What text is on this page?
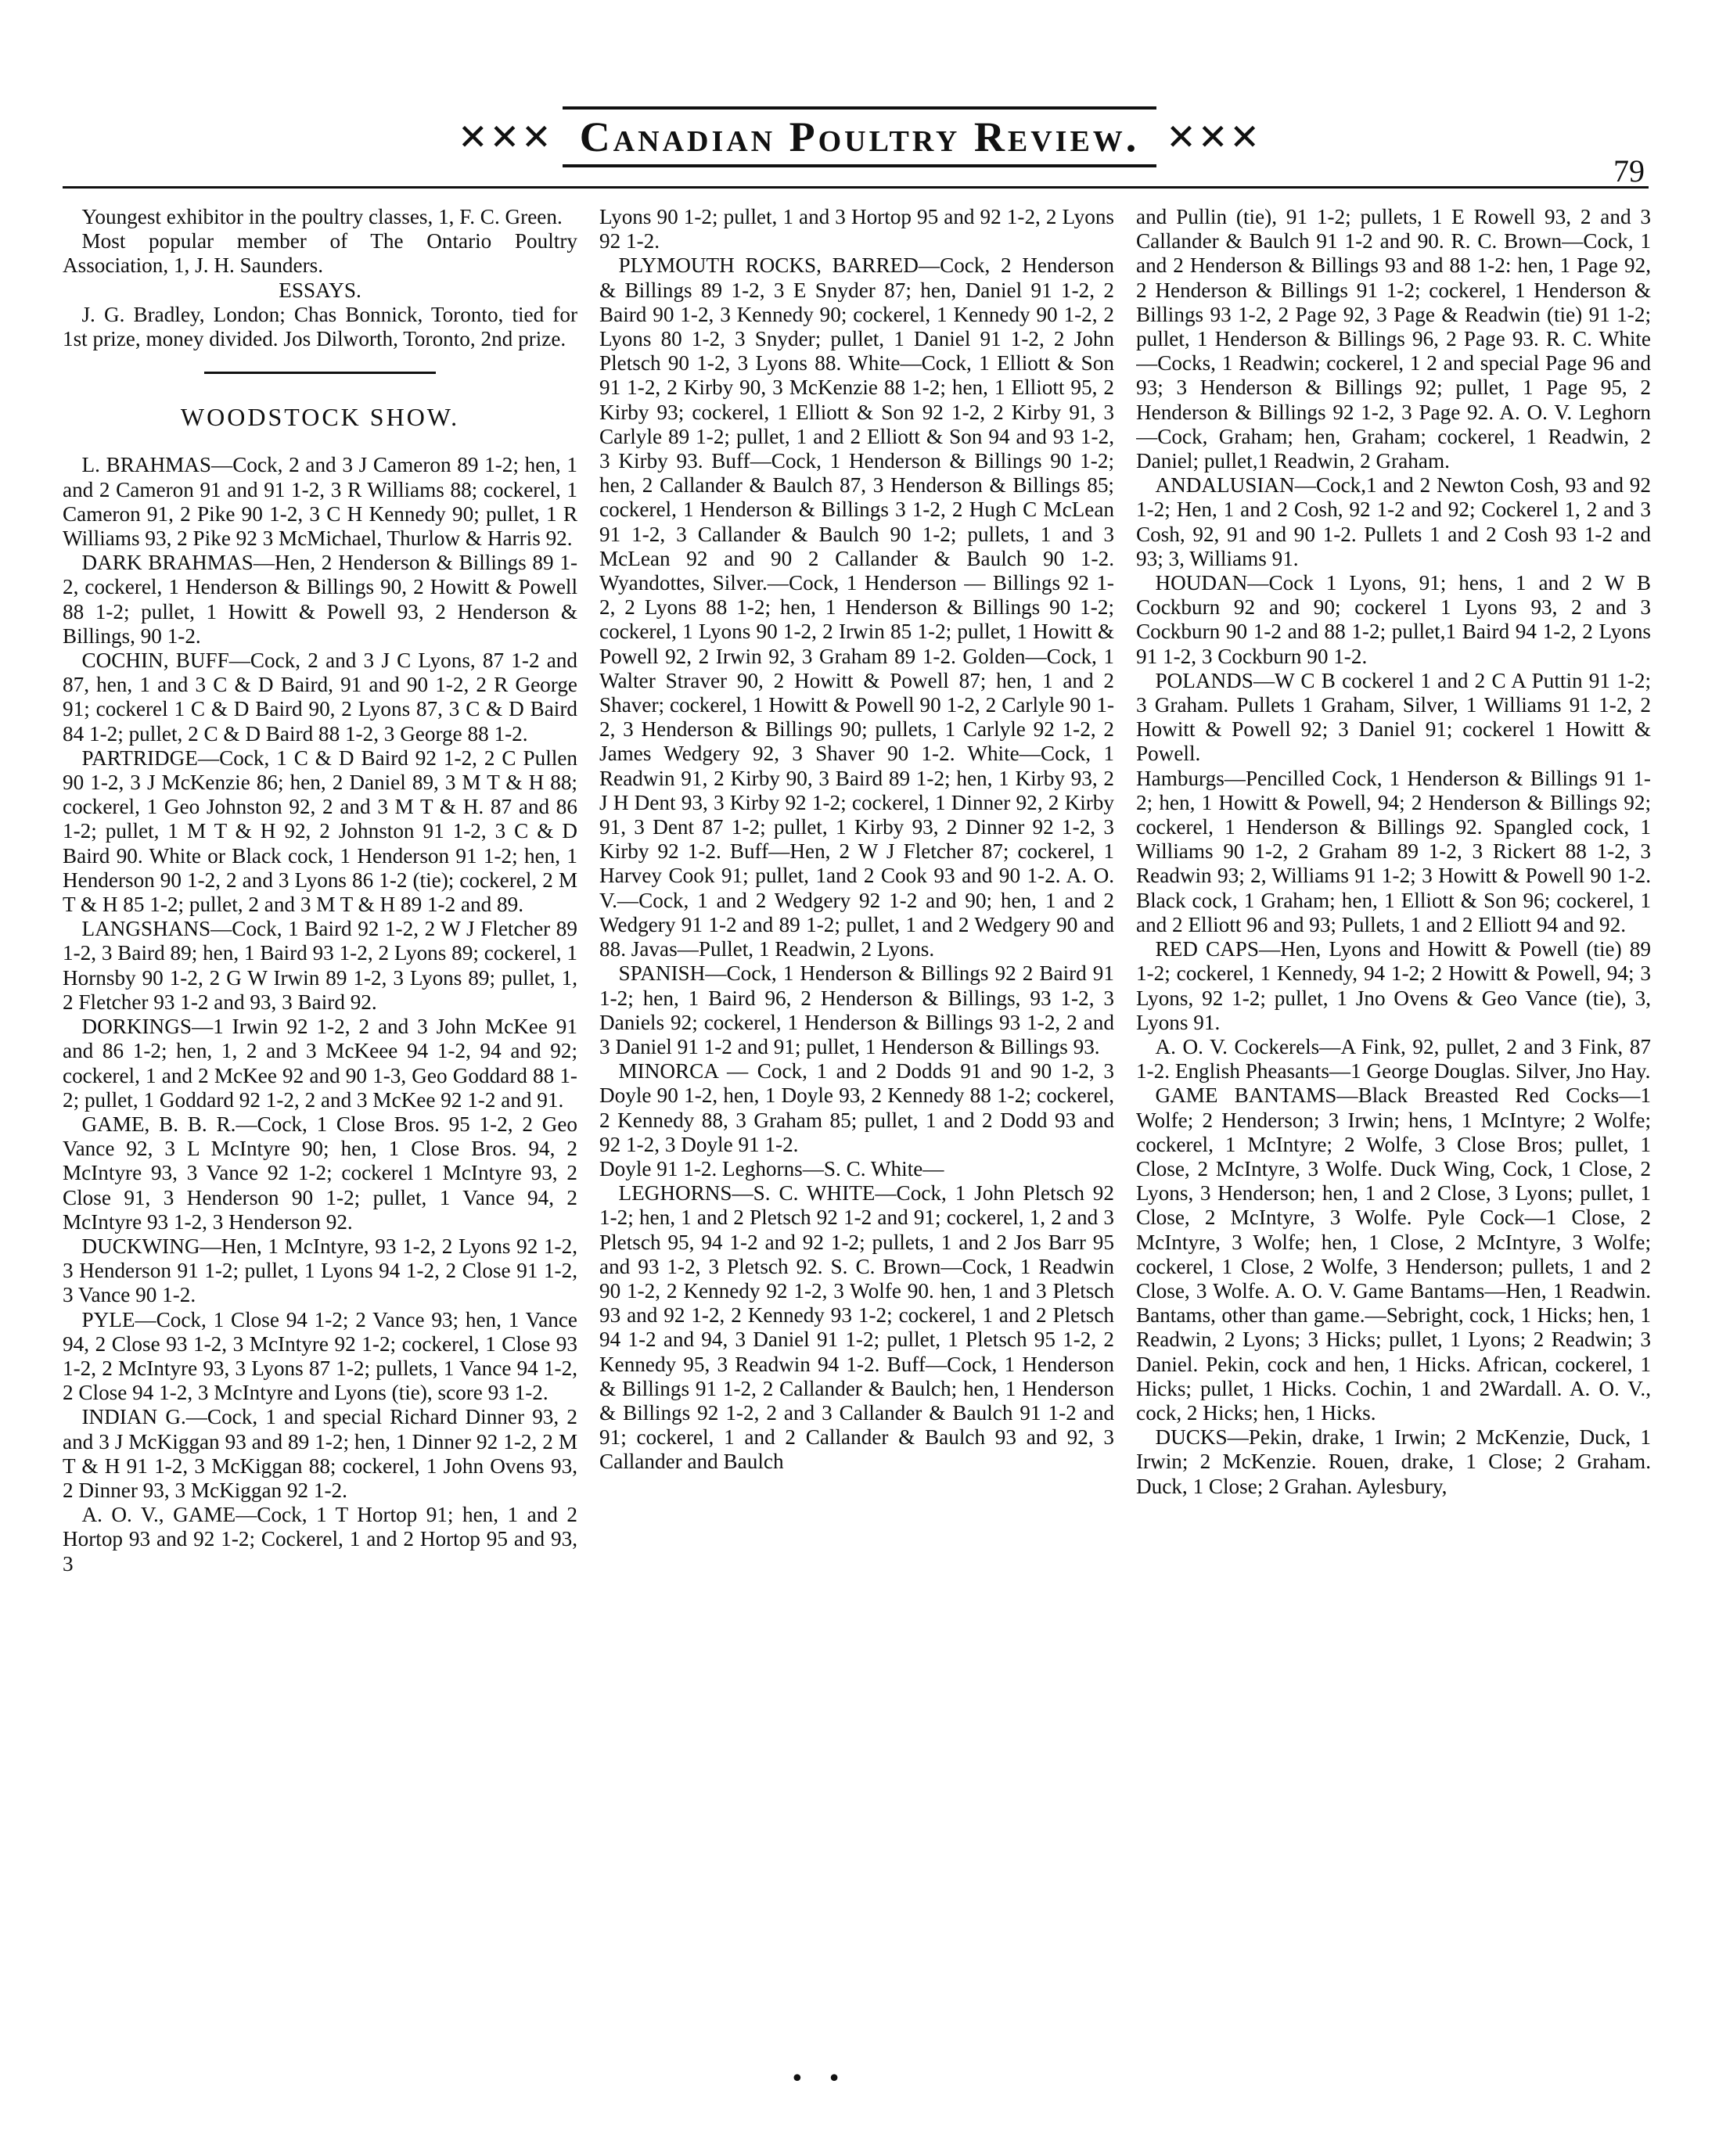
✕✕✕ Canadian Poultry Review. ✕✕✕
79

Youngest exhibitor in the poultry classes, 1, F. C. Green.

Most popular member of The Ontario Poultry Association, 1, J. H. Saunders.

ESSAYS.

J. G. Bradley, London; Chas Bonnick, Toronto, tied for 1st prize, money divided. Jos Dilworth, Toronto, 2nd prize.

WOODSTOCK SHOW.

L. BRAHMAS—Cock, 2 and 3 J Cameron 89 1-2; hen, 1 and 2 Cameron 91 and 91 1-2, 3 R Williams 88; cockerel, 1 Cameron 91, 2 Pike 90 1-2, 3 C H Kennedy 90; pullet, 1 R Williams 93, 2 Pike 92 3 McMichael, Thurlow & Harris 92.

DARK BRAHMAS—Hen, 2 Henderson & Billings 89 1-2, cockerel, 1 Henderson & Billings 90, 2 Howitt & Powell 88 1-2; pullet, 1 Howitt & Powell 93, 2 Henderson & Billings, 90 1-2.

COCHIN, BUFF—Cock, 2 and 3 J C Lyons, 87 1-2 and 87, hen, 1 and 3 C & D Baird, 91 and 90 1-2, 2 R George 91; cockerel 1 C & D Baird 90, 2 Lyons 87, 3 C & D Baird 84 1-2; pullet, 2 C & D Baird 88 1-2, 3 George 88 1-2.

PARTRIDGE—Cock, 1 C & D Baird 92 1-2, 2 C Pullen 90 1-2, 3 J McKenzie 86; hen, 2 Daniel 89, 3 M T & H 88; cockerel, 1 Geo Johnston 92, 2 and 3 M T & H. 87 and 86 1-2; pullet, 1 M T & H 92, 2 Johnston 91 1-2, 3 C & D Baird 90. White or Black cock, 1 Henderson 91 1-2; hen, 1 Henderson 90 1-2, 2 and 3 Lyons 86 1-2 (tie); cockerel, 2 M T & H 85 1-2; pullet, 2 and 3 M T & H 89 1-2 and 89.

LANGSHANS—Cock, 1 Baird 92 1-2, 2 W J Fletcher 89 1-2, 3 Baird 89; hen, 1 Baird 93 1-2, 2 Lyons 89; cockerel, 1 Hornsby 90 1-2, 2 G W Irwin 89 1-2, 3 Lyons 89; pullet, 1, 2 Fletcher 93 1-2 and 93, 3 Baird 92.

DORKINGS—1 Irwin 92 1-2, 2 and 3 John McKee 91 and 86 1-2; hen, 1, 2 and 3 McKeee 94 1-2, 94 and 92; cockerel, 1 and 2 McKee 92 and 90 1-3, Geo Goddard 88 1-2; pullet, 1 Goddard 92 1-2, 2 and 3 McKee 92 1-2 and 91.

GAME, B. B. R.—Cock, 1 Close Bros. 95 1-2, 2 Geo Vance 92, 3 L McIntyre 90; hen, 1 Close Bros. 94, 2 McIntyre 93, 3 Vance 92 1-2; cockerel 1 McIntyre 93, 2 Close 91, 3 Henderson 90 1-2; pullet, 1 Vance 94, 2 McIntyre 93 1-2, 3 Henderson 92.

DUCKWING—Hen, 1 McIntyre, 93 1-2, 2 Lyons 92 1-2, 3 Henderson 91 1-2; pullet, 1 Lyons 94 1-2, 2 Close 91 1-2, 3 Vance 90 1-2.

PYLE—Cock, 1 Close 94 1-2; 2 Vance 93; hen, 1 Vance 94, 2 Close 93 1-2, 3 McIntyre 92 1-2; cockerel, 1 Close 93 1-2, 2 McIntyre 93, 3 Lyons 87 1-2; pullets, 1 Vance 94 1-2, 2 Close 94 1-2, 3 McIntyre and Lyons (tie), score 93 1-2.

INDIAN G.—Cock, 1 and special Richard Dinner 93, 2 and 3 J McKiggan 93 and 89 1-2; hen, 1 Dinner 92 1-2, 2 M T & H 91 1-2, 3 McKiggan 88; cockerel, 1 John Ovens 93, 2 Dinner 93, 3 McKiggan 92 1-2.

A. O. V., GAME—Cock, 1 T Hortop 91; hen, 1 and 2 Hortop 93 and 92 1-2; Cockerel, 1 and 2 Hortop 95 and 93, 3

Lyons 90 1-2; pullet, 1 and 3 Hortop 95 and 92 1-2, 2 Lyons 92 1-2.

PLYMOUTH ROCKS, BARRED—Cock, 2 Henderson & Billings 89 1-2, 3 E Snyder 87; hen, Daniel 91 1-2, 2 Baird 90 1-2, 3 Kennedy 90; cockerel, 1 Kennedy 90 1-2, 2 Lyons 80 1-2, 3 Snyder; pullet, 1 Daniel 91 1-2, 2 John Pletsch 90 1-2, 3 Lyons 88. White—Cock, 1 Elliott & Son 91 1-2, 2 Kirby 90, 3 McKenzie 88 1-2; hen, 1 Elliott 95, 2 Kirby 93; cockerel, 1 Elliott & Son 92 1-2, 2 Kirby 91, 3 Carlyle 89 1-2; pullet, 1 and 2 Elliott & Son 94 and 93 1-2, 3 Kirby 93. Buff—Cock, 1 Henderson & Billings 90 1-2; hen, 2 Callander & Baulch 87, 3 Henderson & Billings 85; cockerel, 1 Henderson & Billings 3 1-2, 2 Hugh C McLean 91 1-2, 3 Callander & Baulch 90 1-2; pullets, 1 and 3 McLean 92 and 90 2 Callander & Baulch 90 1-2. Wyandottes, Silver.—Cock, 1 Henderson — Billings 92 1-2, 2 Lyons 88 1-2; hen, 1 Henderson & Billings 90 1-2; cockerel, 1 Lyons 90 1-2, 2 Irwin 85 1-2; pullet, 1 Howitt & Powell 92, 2 Irwin 92, 3 Graham 89 1-2. Golden—Cock, 1 Walter Straver 90, 2 Howitt & Powell 87; hen, 1 and 2 Shaver; cockerel, 1 Howitt & Powell 90 1-2, 2 Carlyle 90 1-2, 3 Henderson & Billings 90; pullets, 1 Carlyle 92 1-2, 2 James Wedgery 92, 3 Shaver 90 1-2. White—Cock, 1 Readwin 91, 2 Kirby 90, 3 Baird 89 1-2; hen, 1 Kirby 93, 2 J H Dent 93, 3 Kirby 92 1-2; cockerel, 1 Dinner 92, 2 Kirby 91, 3 Dent 87 1-2; pullet, 1 Kirby 93, 2 Dinner 92 1-2, 3 Kirby 92 1-2. Buff—Hen, 2 W J Fletcher 87; cockerel, 1 Harvey Cook 91; pullet, 1and 2 Cook 93 and 90 1-2. A. O. V.—Cock, 1 and 2 Wedgery 92 1-2 and 90; hen, 1 and 2 Wedgery 91 1-2 and 89 1-2; pullet, 1 and 2 Wedgery 90 and 88. Javas—Pullet, 1 Readwin, 2 Lyons.

SPANISH—Cock, 1 Henderson & Billings 92 2 Baird 91 1-2; hen, 1 Baird 96, 2 Henderson & Billings, 93 1-2, 3 Daniels 92; cockerel, 1 Henderson & Billings 93 1-2, 2 and 3 Daniel 91 1-2 and 91; pullet, 1 Henderson & Billings 93.

MINORCA — Cock, 1 and 2 Dodds 91 and 90 1-2, 3 Doyle 90 1-2, hen, 1 Doyle 93, 2 Kennedy 88 1-2; cockerel, 2 Kennedy 88, 3 Graham 85; pullet, 1 and 2 Dodd 93 and 92 1-2, 3 Doyle 91 1-2.

Doyle 91 1-2. Leghorns—S. C. White—

LEGHORNS—S. C. WHITE—Cock, 1 John Pletsch 92 1-2; hen, 1 and 2 Pletsch 92 1-2 and 91; cockerel, 1, 2 and 3 Pletsch 95, 94 1-2 and 92 1-2; pullets, 1 and 2 Jos Barr 95 and 93 1-2, 3 Pletsch 92. S. C. Brown—Cock, 1 Readwin 90 1-2, 2 Kennedy 92 1-2, 3 Wolfe 90. hen, 1 and 3 Pletsch 93 and 92 1-2, 2 Kennedy 93 1-2; cockerel, 1 and 2 Pletsch 94 1-2 and 94, 3 Daniel 91 1-2; pullet, 1 Pletsch 95 1-2, 2 Kennedy 95, 3 Readwin 94 1-2. Buff—Cock, 1 Henderson & Billings 91 1-2, 2 Callander & Baulch; hen, 1 Henderson & Billings 92 1-2, 2 and 3 Callander & Baulch 91 1-2 and 91; cockerel, 1 and 2 Callander & Baulch 93 and 92, 3 Callander and Baulch

and Pullin (tie), 91 1-2; pullets, 1 E Rowell 93, 2 and 3 Callander & Baulch 91 1-2 and 90. R. C. Brown—Cock, 1 and 2 Henderson & Billings 93 and 88 1-2: hen, 1 Page 92, 2 Henderson & Billings 91 1-2; cockerel, 1 Henderson & Billings 93 1-2, 2 Page 92, 3 Page & Readwin (tie) 91 1-2; pullet, 1 Henderson & Billings 96, 2 Page 93. R. C. White—Cocks, 1 Readwin; cockerel, 1 2 and special Page 96 and 93; 3 Henderson & Billings 92; pullet, 1 Page 95, 2 Henderson & Billings 92 1-2, 3 Page 92. A. O. V. Leghorn—Cock, Graham; hen, Graham; cockerel, 1 Readwin, 2 Daniel; pullet,1 Readwin, 2 Graham.

ANDALUSIAN—Cock,1 and 2 Newton Cosh, 93 and 92 1-2; Hen, 1 and 2 Cosh, 92 1-2 and 92; Cockerel 1, 2 and 3 Cosh, 92, 91 and 90 1-2. Pullets 1 and 2 Cosh 93 1-2 and 93; 3, Williams 91.

HOUDAN—Cock 1 Lyons, 91; hens, 1 and 2 W B Cockburn 92 and 90; cockerel 1 Lyons 93, 2 and 3 Cockburn 90 1-2 and 88 1-2; pullet,1 Baird 94 1-2, 2 Lyons 91 1-2, 3 Cockburn 90 1-2.

POLANDS—W C B cockerel 1 and 2 C A Puttin 91 1-2; 3 Graham. Pullets 1 Graham, Silver, 1 Williams 91 1-2, 2 Howitt & Powell 92; 3 Daniel 91; cockerel 1 Howitt & Powell.

Hamburgs—Pencilled Cock, 1 Henderson & Billings 91 1-2; hen, 1 Howitt & Powell, 94; 2 Henderson & Billings 92; cockerel, 1 Henderson & Billings 92. Spangled cock, 1 Williams 90 1-2, 2 Graham 89 1-2, 3 Rickert 88 1-2, 3 Readwin 93; 2, Williams 91 1-2; 3 Howitt & Powell 90 1-2. Black cock, 1 Graham; hen, 1 Elliott & Son 96; cockerel, 1 and 2 Elliott 96 and 93; Pullets, 1 and 2 Elliott 94 and 92.

RED CAPS—Hen, Lyons and Howitt & Powell (tie) 89 1-2; cockerel, 1 Kennedy, 94 1-2; 2 Howitt & Powell, 94; 3 Lyons, 92 1-2; pullet, 1 Jno Ovens & Geo Vance (tie), 3, Lyons 91.

A. O. V. Cockerels—A Fink, 92, pullet, 2 and 3 Fink, 87 1-2. English Pheasants—1 George Douglas. Silver, Jno Hay.

GAME BANTAMS—Black Breasted Red Cocks—1 Wolfe; 2 Henderson; 3 Irwin; hens, 1 McIntyre; 2 Wolfe; cockerel, 1 McIntyre; 2 Wolfe, 3 Close Bros; pullet, 1 Close, 2 McIntyre, 3 Wolfe. Duck Wing, Cock, 1 Close, 2 Lyons, 3 Henderson; hen, 1 and 2 Close, 3 Lyons; pullet, 1 Close, 2 McIntyre, 3 Wolfe. Pyle Cock—1 Close, 2 McIntyre, 3 Wolfe; hen, 1 Close, 2 McIntyre, 3 Wolfe; cockerel, 1 Close, 2 Wolfe, 3 Henderson; pullets, 1 and 2 Close, 3 Wolfe. A. O. V. Game Bantams—Hen, 1 Readwin. Bantams, other than game.—Sebright, cock, 1 Hicks; hen, 1 Readwin, 2 Lyons; 3 Hicks; pullet, 1 Lyons; 2 Readwin; 3 Daniel. Pekin, cock and hen, 1 Hicks. African, cockerel, 1 Hicks; pullet, 1 Hicks. Cochin, 1 and 2Wardall. A. O. V., cock, 2 Hicks; hen, 1 Hicks.

DUCKS—Pekin, drake, 1 Irwin; 2 McKenzie, Duck, 1 Irwin; 2 McKenzie. Rouen, drake, 1 Close; 2 Graham. Duck, 1 Close; 2 Grahan. Aylesbury,

• •
